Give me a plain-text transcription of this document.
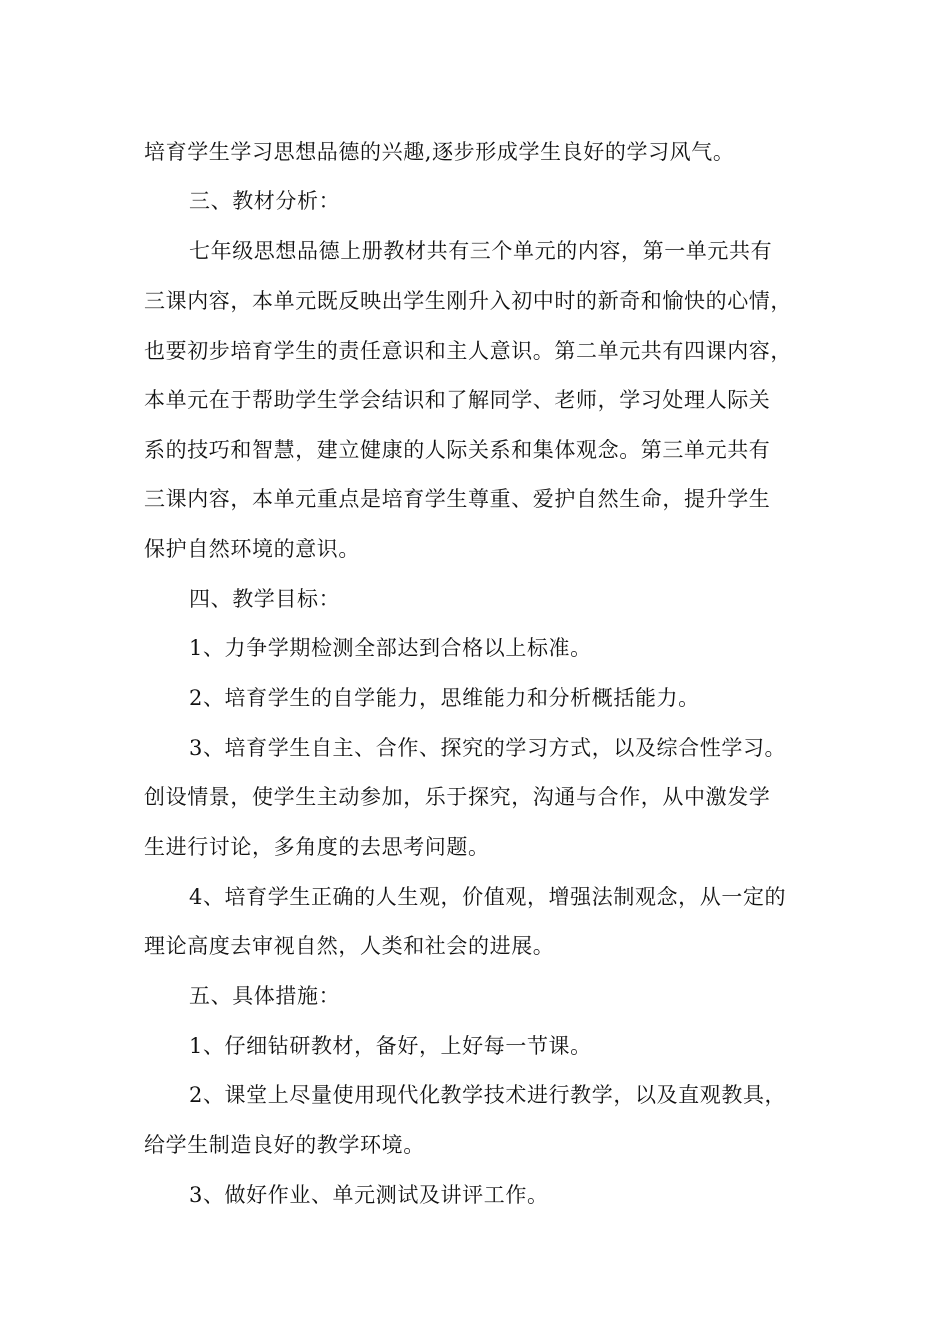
培育学生学习思想品德的兴趣,逐步形成学生良好的学习风气。

三、教材分析：

七年级思想品德上册教材共有三个单元的内容，第一单元共有

三课内容，本单元既反映出学生刚升入初中时的新奇和愉快的心情，

也要初步培育学生的责任意识和主人意识。第二单元共有四课内容，

本单元在于帮助学生学会结识和了解同学、老师，学习处理人际关

系的技巧和智慧，建立健康的人际关系和集体观念。第三单元共有

三课内容，本单元重点是培育学生尊重、爱护自然生命，提升学生

保护自然环境的意识。

四、教学目标：

1、力争学期检测全部达到合格以上标准。

2、培育学生的自学能力，思维能力和分析概括能力。

3、培育学生自主、合作、探究的学习方式，以及综合性学习。

创设情景，使学生主动参加，乐于探究，沟通与合作，从中激发学

生进行讨论，多角度的去思考问题。

4、培育学生正确的人生观，价值观，增强法制观念，从一定的

理论高度去审视自然，人类和社会的进展。

五、具体措施：

1、仔细钻研教材，备好，上好每一节课。

2、课堂上尽量使用现代化教学技术进行教学，以及直观教具，

给学生制造良好的教学环境。

3、做好作业、单元测试及讲评工作。
